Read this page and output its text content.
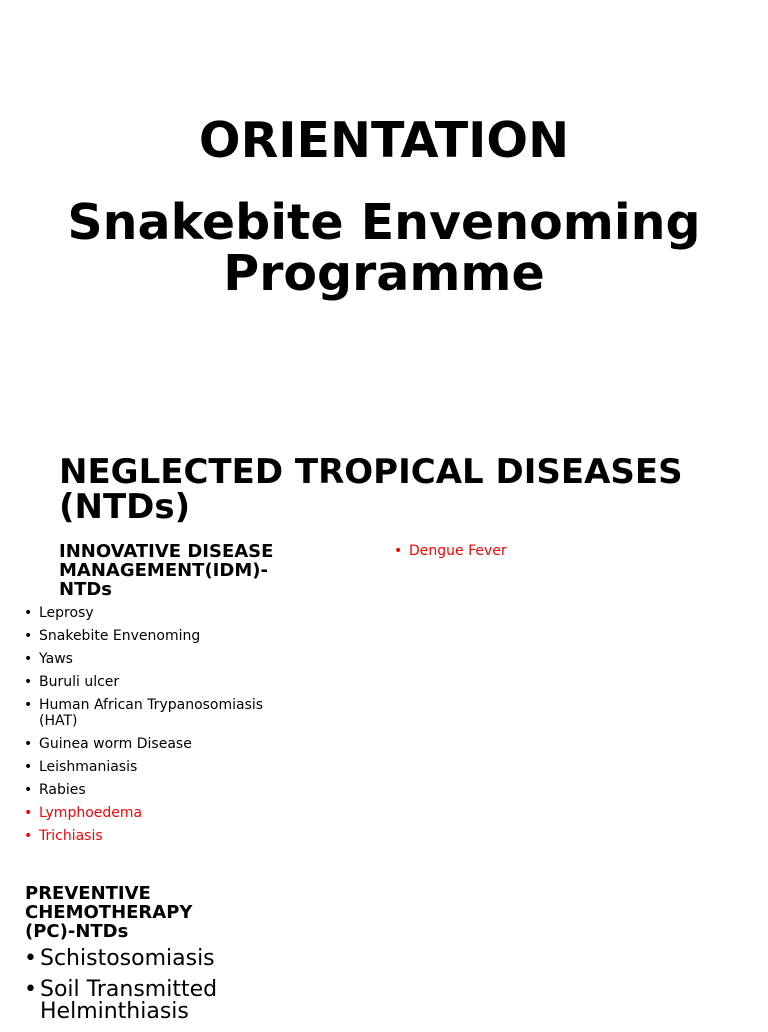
ORIENTATION
Snakebite Envenoming Programme
NEGLECTED TROPICAL DISEASES (NTDs)
INNOVATIVE DISEASE MANAGEMENT(IDM)-NTDs
• Leprosy
• Snakebite Envenoming
• Yaws
• Buruli ulcer
• Human African Trypanosomiasis (HAT)
• Guinea worm Disease
• Leishmaniasis
• Rabies
• Lymphoedema
• Trichiasis
• Dengue Fever
PREVENTIVE CHEMOTHERAPY (PC)-NTDs
• Schistosomiasis
• Soil Transmitted Helminthiasis
